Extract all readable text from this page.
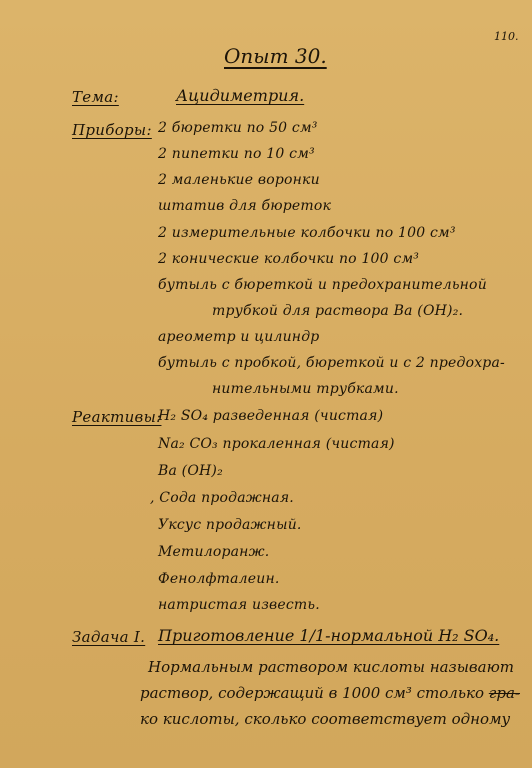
110.
Опыт 30.
Тема:	Ацидиметрия.
Приборы: 2 бюретки по 50 см³
2 пипетки по 10 см³
2 маленькие воронки
штатив для бюреток
2 измерительные колбочки по 100 см³
2 конические колбочки по 100 см³
бутыль с бюреткой и предохранительной
трубкой для раствора Ba (OH)₂.
ареометр и цилиндр
бутыль с пробкой, бюреткой и с 2 предохра-
нительными трубками.
Реактивы:
H₂ SO₄ разведенная (чистая)
Na₂ CO₃ прокаленная (чистая)
Ba (OH)₂
, Сода продажная.
Уксус продажный.
Метилоранж.
Фенолфталеин.
натристая известь.
Задача I. Приготовление 1/1-нормальной H₂ SO₄.
Нормальным раствором кислоты называют
раствор, содержащий в 1000 см³ столько гра-
ко кислоты, сколько соответствует одному
